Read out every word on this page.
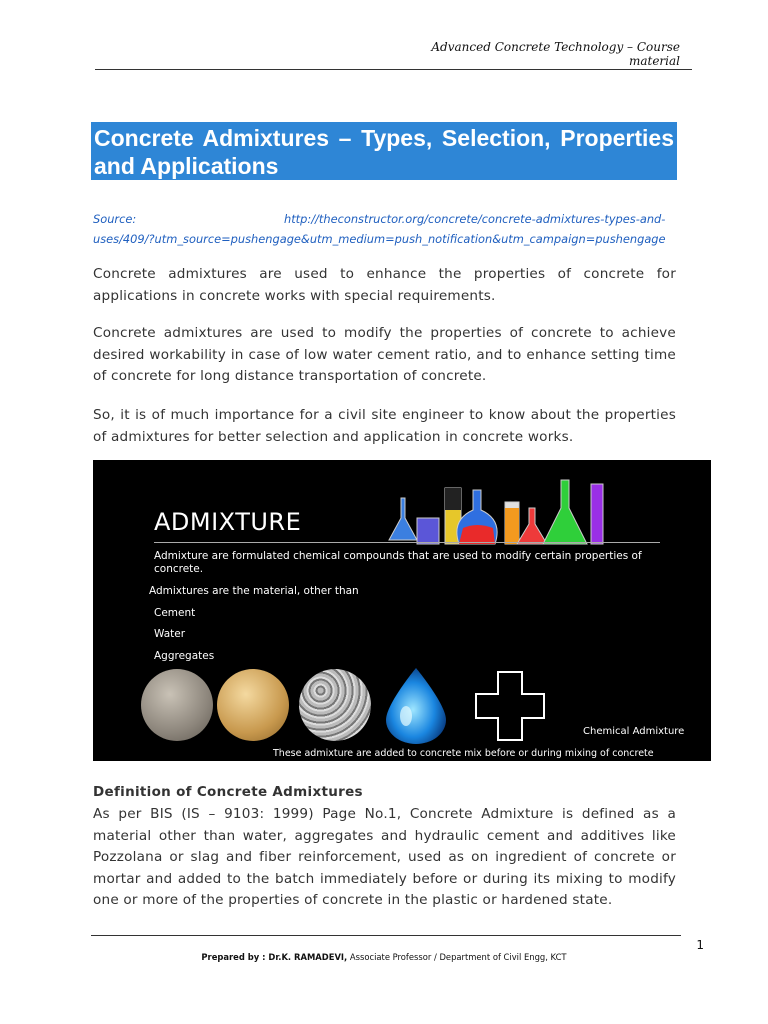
Advanced Concrete Technology – Course material
Concrete Admixtures – Types, Selection, Properties and Applications
Source:	http://theconstructor.org/concrete/concrete-admixtures-types-and-
uses/409/?utm_source=pushengage&utm_medium=push_notification&utm_campaign=pushengage
Concrete admixtures are used to enhance the properties of concrete for applications in concrete works with special requirements.
Concrete admixtures are used to modify the properties of concrete to achieve desired workability in case of low water cement ratio, and to enhance setting time of concrete for long distance transportation of concrete.
So, it is of much importance for a civil site engineer to know about the properties of admixtures for better selection and application in concrete works.
ADMIXTURE
Admixture are formulated chemical compounds that are used to modify certain properties of concrete.
Admixtures are the material, other than
Cement
Water
Aggregates
Chemical Admixture
These admixture are added to concrete mix before or during mixing of concrete
Definition of Concrete Admixtures
As per BIS (IS – 9103: 1999) Page No.1, Concrete Admixture is defined as a material other than water, aggregates and hydraulic cement and additives like Pozzolana or slag and fiber reinforcement, used as on ingredient of concrete or mortar and added to the batch immediately before or during its mixing to modify one or more of the properties of concrete in the plastic or hardened state.
1
Prepared by : Dr.K. RAMADEVI, Associate Professor / Department of Civil Engg, KCT
